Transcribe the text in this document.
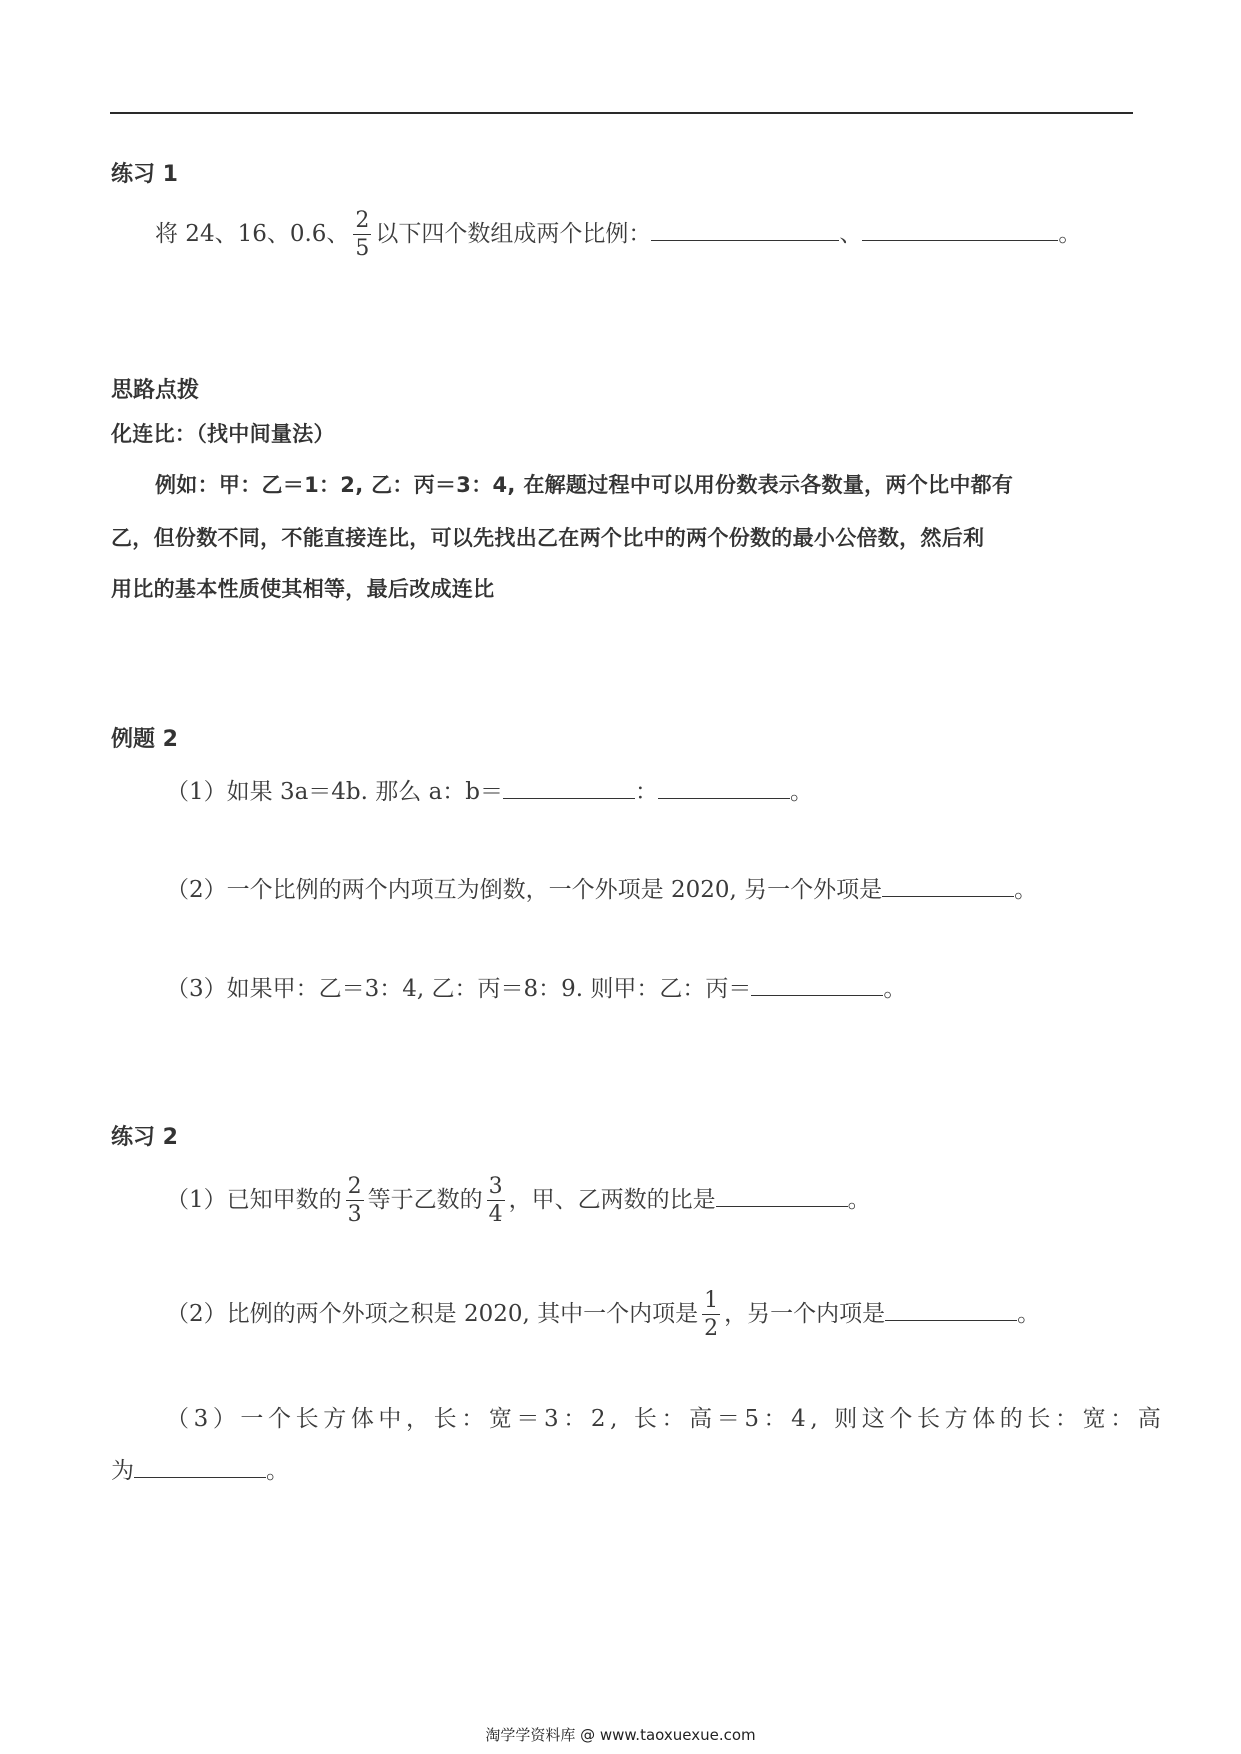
练习 1
将 24、16、0.6、 $\frac{2}{5}$ 以下四个数组成两个比例：	、	。
思路点拨
化连比：（找中间量法）
例如：甲：乙＝1：2, 乙：丙＝3：4, 在解题过程中可以用份数表示各数量，两个比中都有
乙，但份数不同，不能直接连比，可以先找出乙在两个比中的两个份数的最小公倍数，然后利
用比的基本性质使其相等，最后改成连比
例题 2
（1）如果 3a＝4b. 那么 a：b＝	：	。
（2）一个比例的两个内项互为倒数，一个外项是 2020, 另一个外项是	。
（3）如果甲：乙＝3：4, 乙：丙＝8：9. 则甲：乙：丙＝	。
练习 2
（1）已知甲数的 $\frac{2}{3}$ 等于乙数的 $\frac{3}{4}$ ，甲、乙两数的比是	。
（2）比例的两个外项之积是 2020, 其中一个内项是 $\frac{1}{2}$ ，另一个内项是	。
（3）一个长方体中，长：宽＝3：2, 长：高＝5：4, 则这个长方体的长：宽：高
为	。
淘学学资料库 @ www.taoxuexue.com
